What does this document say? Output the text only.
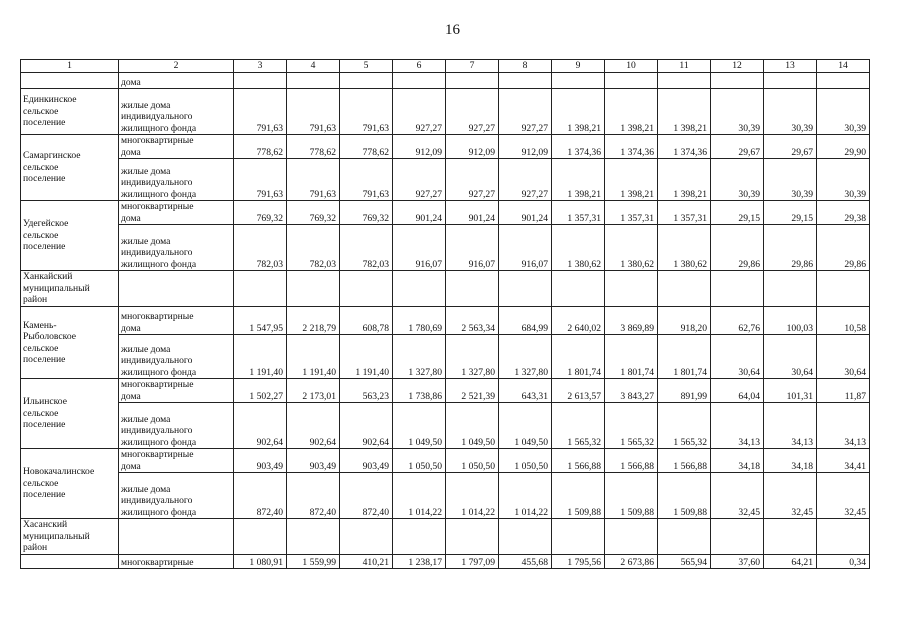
16
1	2	3	4	5	6	7	8	9	10	11	12	13	14
	дома												
Единкинское
сельское
поселение	жилые дома
индивидуального
жилищного фонда	791,63	791,63	791,63	927,27	927,27	927,27	1 398,21	1 398,21	1 398,21	30,39	30,39	30,39
Самаргинское
сельское
поселение	многоквартирные
дома	778,62	778,62	778,62	912,09	912,09	912,09	1 374,36	1 374,36	1 374,36	29,67	29,67	29,90
	жилые дома
индивидуального
жилищного фонда	791,63	791,63	791,63	927,27	927,27	927,27	1 398,21	1 398,21	1 398,21	30,39	30,39	30,39
Удегейское
сельское
поселение	многоквартирные
дома	769,32	769,32	769,32	901,24	901,24	901,24	1 357,31	1 357,31	1 357,31	29,15	29,15	29,38
	жилые дома
индивидуального
жилищного фонда	782,03	782,03	782,03	916,07	916,07	916,07	1 380,62	1 380,62	1 380,62	29,86	29,86	29,86
Ханкайский
муниципальный
район													
Камень-
Рыболовское
сельское
поселение	многоквартирные
дома	1 547,95	2 218,79	608,78	1 780,69	2 563,34	684,99	2 640,02	3 869,89	918,20	62,76	100,03	10,58
	жилые дома
индивидуального
жилищного фонда	1 191,40	1 191,40	1 191,40	1 327,80	1 327,80	1 327,80	1 801,74	1 801,74	1 801,74	30,64	30,64	30,64
Ильинское
сельское
поселение	многоквартирные
дома	1 502,27	2 173,01	563,23	1 738,86	2 521,39	643,31	2 613,57	3 843,27	891,99	64,04	101,31	11,87
	жилые дома
индивидуального
жилищного фонда	902,64	902,64	902,64	1 049,50	1 049,50	1 049,50	1 565,32	1 565,32	1 565,32	34,13	34,13	34,13
Новокачалинское
сельское
поселение	многоквартирные
дома	903,49	903,49	903,49	1 050,50	1 050,50	1 050,50	1 566,88	1 566,88	1 566,88	34,18	34,18	34,41
	жилые дома
индивидуального
жилищного фонда	872,40	872,40	872,40	1 014,22	1 014,22	1 014,22	1 509,88	1 509,88	1 509,88	32,45	32,45	32,45
Хасанский
муниципальный
район													
	многоквартирные	1 080,91	1 559,99	410,21	1 238,17	1 797,09	455,68	1 795,56	2 673,86	565,94	37,60	64,21	0,34
